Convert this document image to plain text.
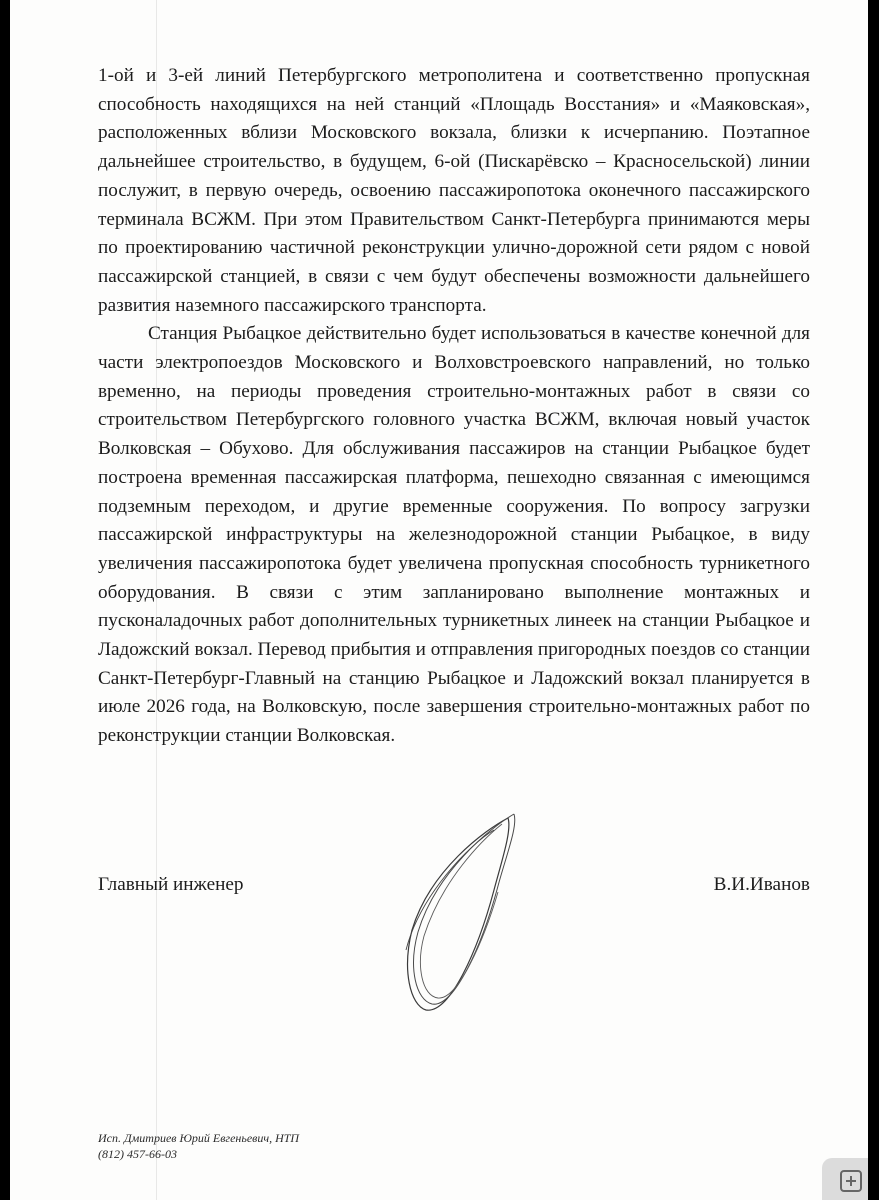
1-ой и 3-ей линий Петербургского метрополитена и соответственно пропускная способность находящихся на ней станций «Площадь Восстания» и «Маяковская», расположенных вблизи Московского вокзала, близки к исчерпанию. Поэтапное дальнейшее строительство, в будущем, 6-ой (Пискарёвско – Красносельской) линии послужит, в первую очередь, освоению пассажиропотока оконечного пассажирского терминала ВСЖМ. При этом Правительством Санкт-Петербурга принимаются меры по проектированию частичной реконструкции улично-дорожной сети рядом с новой пассажирской станцией, в связи с чем будут обеспечены возможности дальнейшего развития наземного пассажирского транспорта.

Станция Рыбацкое действительно будет использоваться в качестве конечной для части электропоездов Московского и Волховстроевского направлений, но только временно, на периоды проведения строительно-монтажных работ в связи со строительством Петербургского головного участка ВСЖМ, включая новый участок Волковская – Обухово. Для обслуживания пассажиров на станции Рыбацкое будет построена временная пассажирская платформа, пешеходно связанная с имеющимся подземным переходом, и другие временные сооружения. По вопросу загрузки пассажирской инфраструктуры на железнодорожной станции Рыбацкое, в виду увеличения пассажиропотока будет увеличена пропускная способность турникетного оборудования. В связи с этим запланировано выполнение монтажных и пусконаладочных работ дополнительных турникетных линеек на станции Рыбацкое и Ладожский вокзал. Перевод прибытия и отправления пригородных поездов со станции Санкт-Петербург-Главный на станцию Рыбацкое и Ладожский вокзал планируется в июле 2026 года, на Волковскую, после завершения строительно-монтажных работ по реконструкции станции Волковская.

Главный инженер	В.И.Иванов
Исп. Дмитриев Юрий Евгеньевич, НТП
(812) 457-66-03
